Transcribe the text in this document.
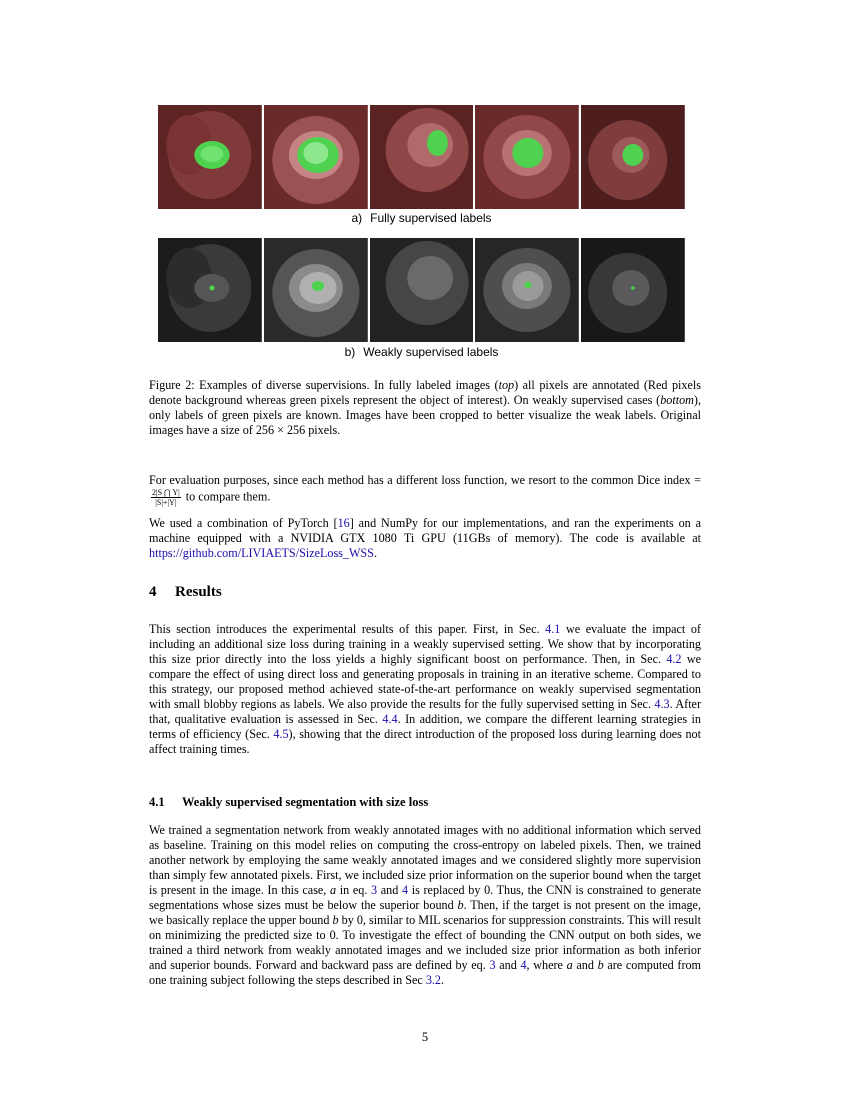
a) Fully supervised labels
b) Weakly supervised labels
Figure 2: Examples of diverse supervisions. In fully labeled images (top) all pixels are annotated (Red pixels denote background whereas green pixels represent the object of interest). On weakly supervised cases (bottom), only labels of green pixels are known. Images have been cropped to better visualize the weak labels. Original images have a size of 256 × 256 pixels.
For evaluation purposes, since each method has a different loss function, we resort to the common Dice index =
$\frac{2|S ⋂ Y|}{|S|+|Y|}$ to compare them.
We used a combination of PyTorch [16] and NumPy for our implementations, and ran the experiments on a machine equipped with a NVIDIA GTX 1080 Ti GPU (11GBs of memory). The code is available at https://github.com/LIVIAETS/SizeLoss_WSS.
4 Results
This section introduces the experimental results of this paper. First, in Sec. 4.1 we evaluate the impact of including an additional size loss during training in a weakly supervised setting. We show that by incorporating this size prior directly into the loss yields a highly significant boost on performance. Then, in Sec. 4.2 we compare the effect of using direct loss and generating proposals in training in an iterative scheme. Compared to this strategy, our proposed method achieved state-of-the-art performance on weakly supervised segmentation with small blobby regions as labels. We also provide the results for the fully supervised setting in Sec. 4.3. After that, qualitative evaluation is assessed in Sec. 4.4. In addition, we compare the different learning strategies in terms of efficiency (Sec. 4.5), showing that the direct introduction of the proposed loss during learning does not affect training times.
4.1 Weakly supervised segmentation with size loss
We trained a segmentation network from weakly annotated images with no additional information which served as baseline. Training on this model relies on computing the cross-entropy on labeled pixels. Then, we trained another network by employing the same weakly annotated images and we considered slightly more supervision than simply few annotated pixels. First, we included size prior information on the superior bound when the target is present in the image. In this case, a in eq. 3 and 4 is replaced by 0. Thus, the CNN is constrained to generate segmentations whose sizes must be below the superior bound b. Then, if the target is not present on the image, we basically replace the upper bound b by 0, similar to MIL scenarios for suppression constraints. This will result on minimizing the predicted size to 0. To investigate the effect of bounding the CNN output on both sides, we trained a third network from weakly annotated images and we included size prior information as both inferior and superior bounds. Forward and backward pass are defined by eq. 3 and 4, where a and b are computed from one training subject following the steps described in Sec 3.2.
5
